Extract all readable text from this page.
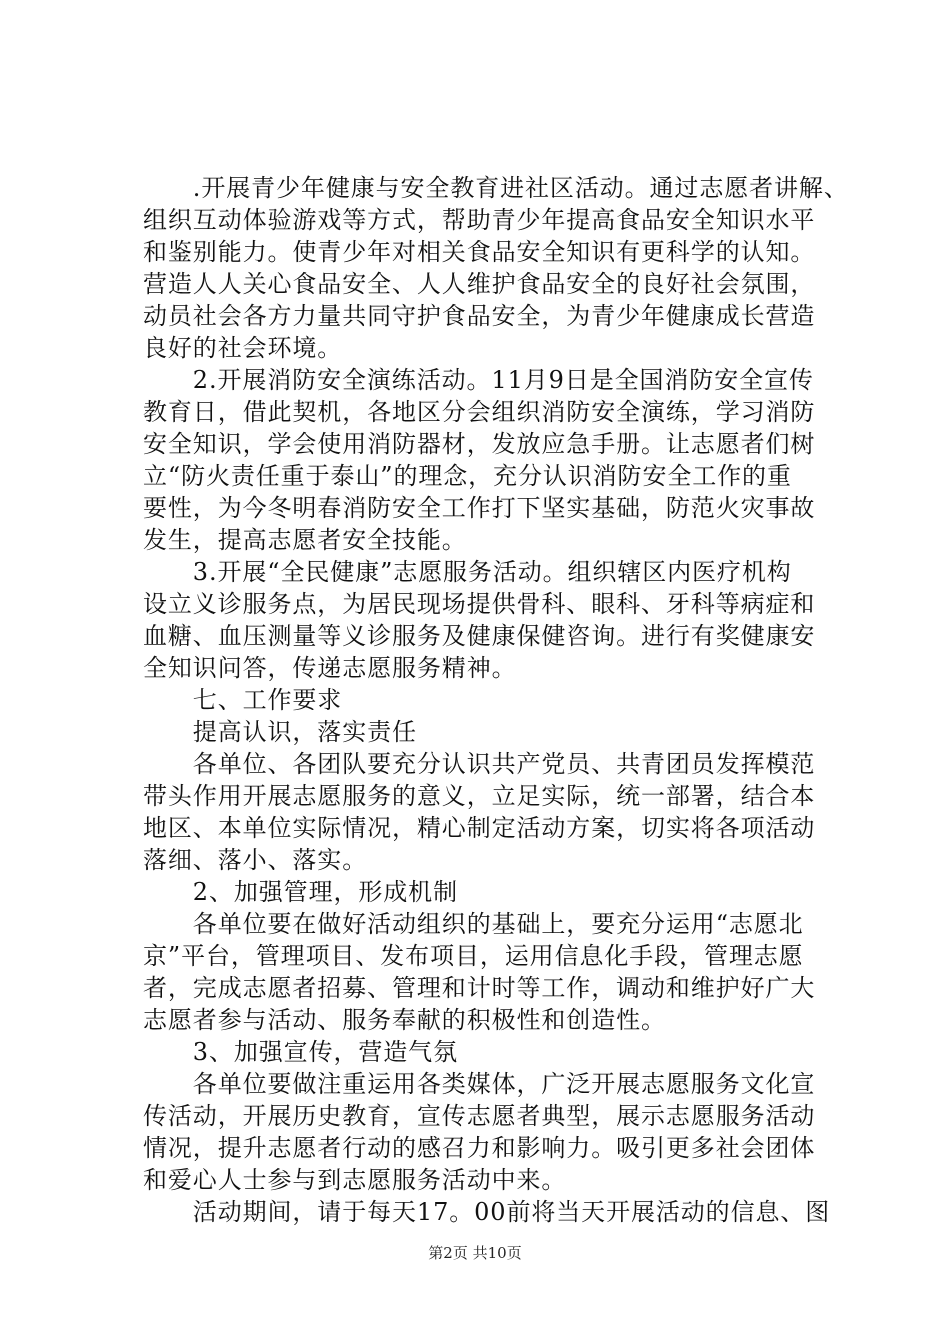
　　.开展青少年健康与安全教育进社区活动。通过志愿者讲解、
组织互动体验游戏等方式，帮助青少年提高食品安全知识水平
和鉴别能力。使青少年对相关食品安全知识有更科学的认知。
营造人人关心食品安全、人人维护食品安全的良好社会氛围，
动员社会各方力量共同守护食品安全，为青少年健康成长营造
良好的社会环境。
　　2.开展消防安全演练活动。11月9日是全国消防安全宣传
教育日，借此契机，各地区分会组织消防安全演练，学习消防
安全知识，学会使用消防器材，发放应急手册。让志愿者们树
立“防火责任重于泰山”的理念，充分认识消防安全工作的重
要性，为今冬明春消防安全工作打下坚实基础，防范火灾事故
发生，提高志愿者安全技能。
　　3.开展“全民健康”志愿服务活动。组织辖区内医疗机构
设立义诊服务点，为居民现场提供骨科、眼科、牙科等病症和
血糖、血压测量等义诊服务及健康保健咨询。进行有奖健康安
全知识问答，传递志愿服务精神。
　　七、工作要求
　　提高认识，落实责任
　　各单位、各团队要充分认识共产党员、共青团员发挥模范
带头作用开展志愿服务的意义，立足实际，统一部署，结合本
地区、本单位实际情况，精心制定活动方案，切实将各项活动
落细、落小、落实。
　　2、加强管理，形成机制
　　各单位要在做好活动组织的基础上，要充分运用“志愿北
京”平台，管理项目、发布项目，运用信息化手段，管理志愿
者，完成志愿者招募、管理和计时等工作，调动和维护好广大
志愿者参与活动、服务奉献的积极性和创造性。
　　3、加强宣传，营造气氛
　　各单位要做注重运用各类媒体，广泛开展志愿服务文化宣
传活动，开展历史教育，宣传志愿者典型，展示志愿服务活动
情况，提升志愿者行动的感召力和影响力。吸引更多社会团体
和爱心人士参与到志愿服务活动中来。
　　活动期间，请于每天17。00前将当天开展活动的信息、图
第2页 共10页
